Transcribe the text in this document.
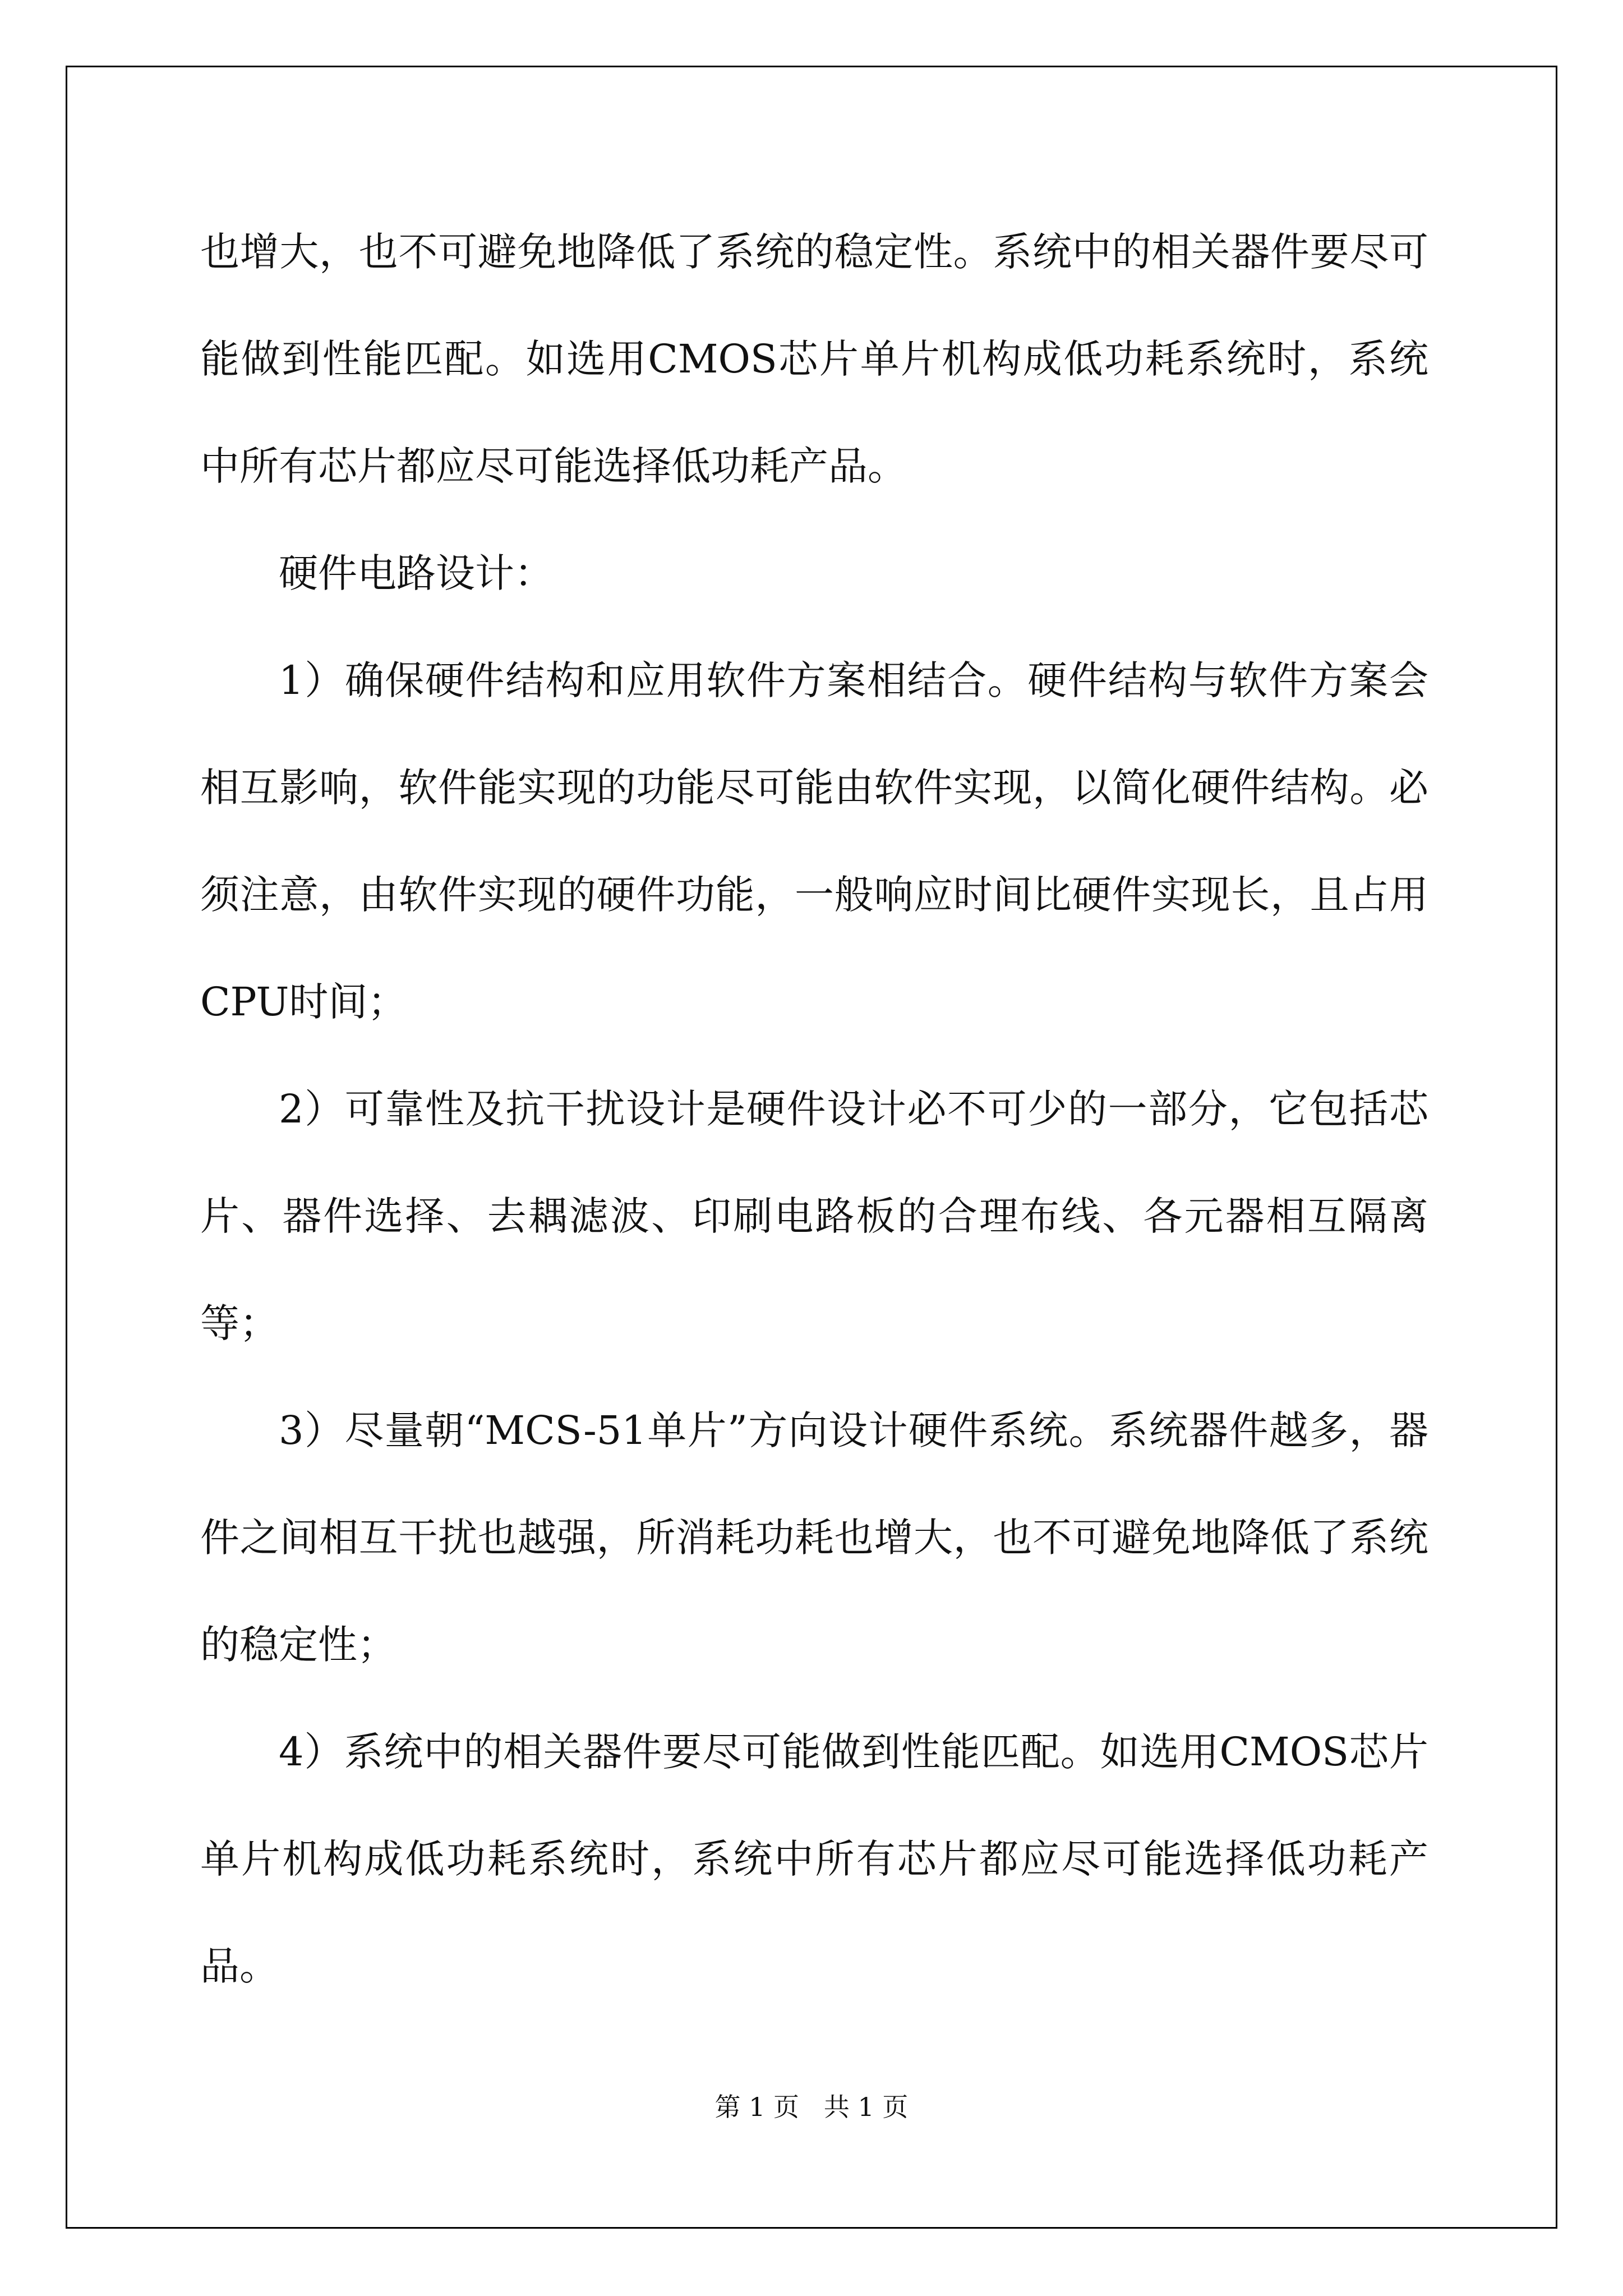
也增大，也不可避免地降低了系统的稳定性。系统中的相关器件要尽可能做到性能匹配。如选用CMOS芯片单片机构成低功耗系统时，系统中所有芯片都应尽可能选择低功耗产品。

硬件电路设计：

1）确保硬件结构和应用软件方案相结合。硬件结构与软件方案会相互影响，软件能实现的功能尽可能由软件实现，以简化硬件结构。必须注意，由软件实现的硬件功能，一般响应时间比硬件实现长，且占用CPU时间；

2）可靠性及抗干扰设计是硬件设计必不可少的一部分，它包括芯片、器件选择、去耦滤波、印刷电路板的合理布线、各元器相互隔离等；

3）尽量朝“MCS-51单片”方向设计硬件系统。系统器件越多，器件之间相互干扰也越强，所消耗功耗也增大，也不可避免地降低了系统的稳定性；

4）系统中的相关器件要尽可能做到性能匹配。如选用CMOS芯片单片机构成低功耗系统时，系统中所有芯片都应尽可能选择低功耗产品。

第 1 页   共 1 页
